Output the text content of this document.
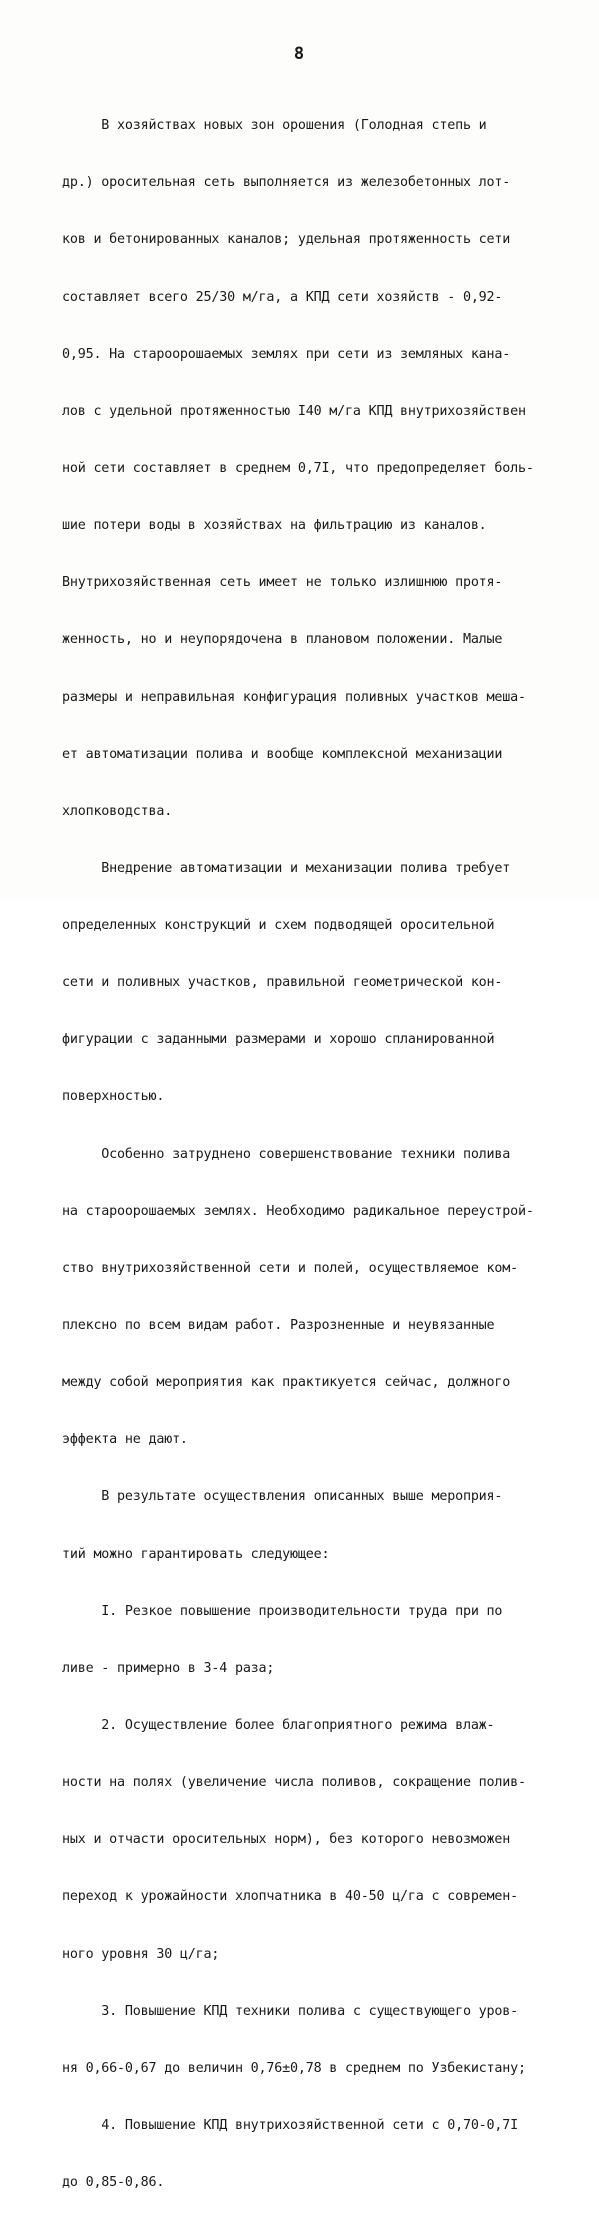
8

В хозяйствах новых зон орошения (Голодная степь и

др.) оросительная сеть выполняется из железобетонных лот-

ков и бетонированных каналов; удельная протяженность сети

составляет всего 25/30 м/га, а КПД сети хозяйств - 0,92-

0,95. На староорошаемых землях при сети из земляных кана-

лов с удельной протяженностью I40 м/га КПД внутрихозяйствен

ной сети составляет в среднем 0,7I, что предопределяет боль-

шие потери воды в хозяйствах на фильтрацию из каналов.

Внутрихозяйственная сеть имеет не только излишнюю протя-

женность, но и неупорядочена в плановом положении. Малые

размеры и неправильная конфигурация поливных участков меша-

ет автоматизации полива и вообще комплексной механизации

хлопководства.

Внедрение автоматизации и механизации полива требует

определенных конструкций и схем подводящей оросительной

сети и поливных участков, правильной геометрической кон-

фигурации с заданными размерами и хорошо спланированной

поверхностью.

Особенно затруднено совершенствование техники полива

на староорошаемых землях. Необходимо радикальное переустрой-

ство внутрихозяйственной сети и полей, осуществляемое ком-

плексно по всем видам работ. Разрозненные и неувязанные

между собой мероприятия как практикуется сейчас, должного

эффекта не дают.

В результате осуществления описанных выше мероприя-

тий можно гарантировать следующее:

I. Резкое повышение производительности труда при по

ливе - примерно в 3-4 раза;

2. Осуществление более благоприятного режима влаж-

ности на полях (увеличение числа поливов, сокращение полив-

ных и отчасти оросительных норм), без которого невозможен

переход к урожайности хлопчатника в 40-50 ц/га с современ-

ного уровня 30 ц/га;

3. Повышение КПД техники полива с существующего уров-

ня 0,66-0,67 до величин 0,76±0,78 в среднем по Узбекистану;

4. Повышение КПД внутрихозяйственной сети с 0,70-0,7I

до 0,85-0,86.
